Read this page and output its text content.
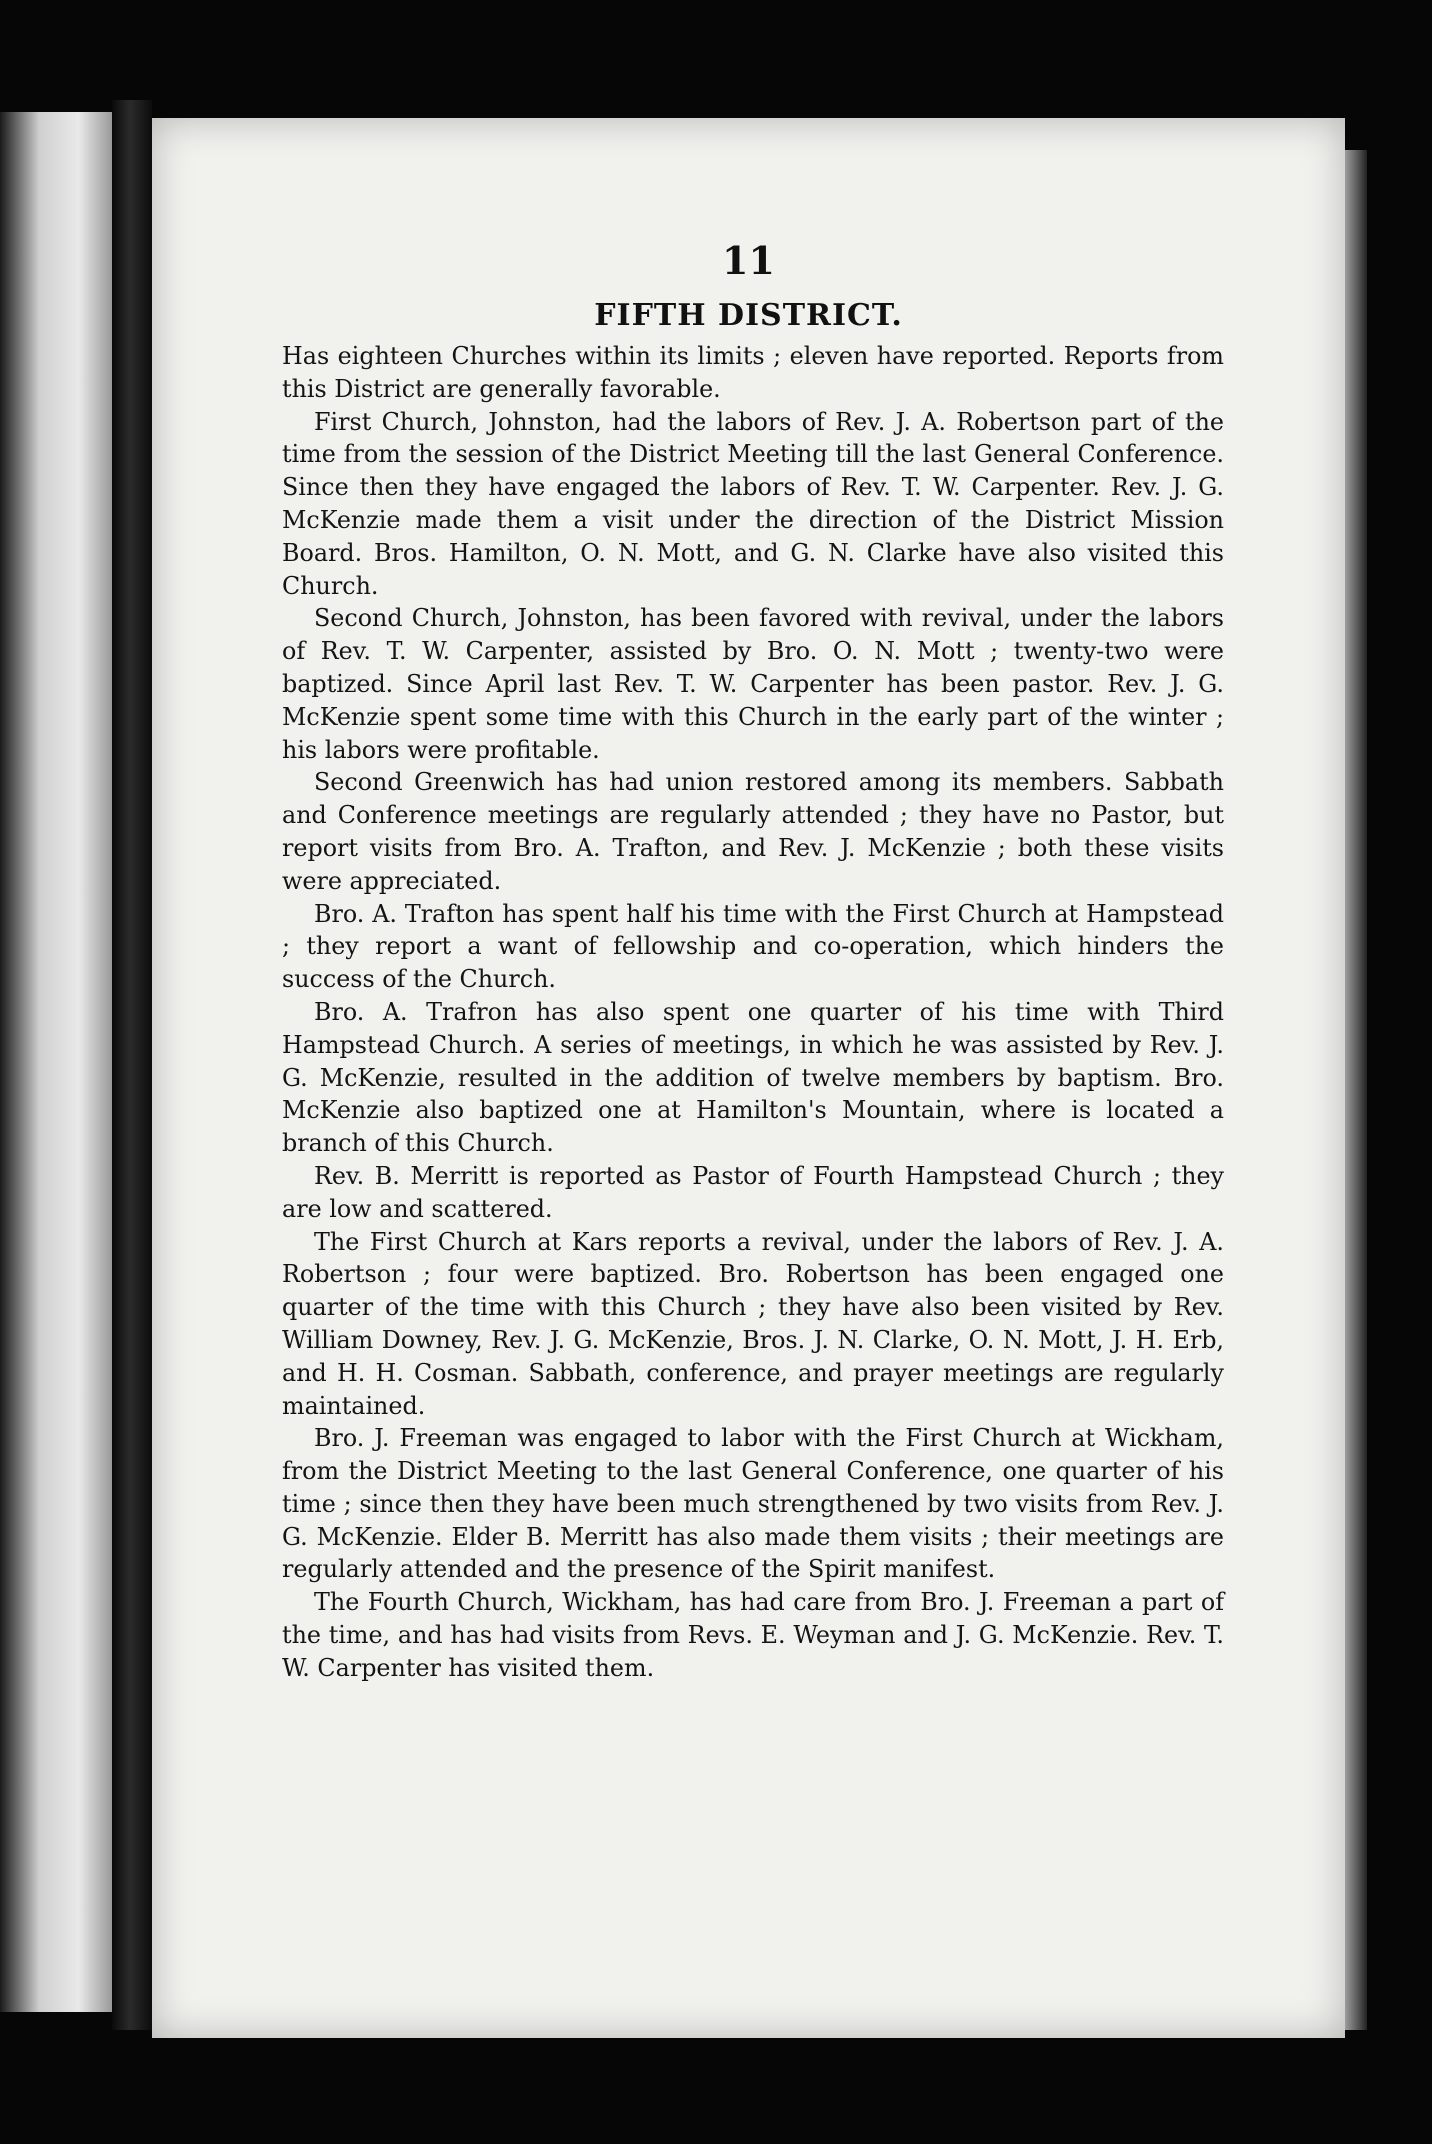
11
FIFTH DISTRICT.

Has eighteen Churches within its limits ; eleven have reported. Reports from this District are generally favorable.

First Church, Johnston, had the labors of Rev. J. A. Robertson part of the time from the session of the District Meeting till the last General Conference. Since then they have engaged the labors of Rev. T. W. Carpenter. Rev. J. G. McKenzie made them a visit under the direction of the District Mission Board. Bros. Hamilton, O. N. Mott, and G. N. Clarke have also visited this Church.

Second Church, Johnston, has been favored with revival, under the labors of Rev. T. W. Carpenter, assisted by Bro. O. N. Mott ; twenty-two were baptized. Since April last Rev. T. W. Carpenter has been pastor. Rev. J. G. McKenzie spent some time with this Church in the early part of the winter ; his labors were profitable.

Second Greenwich has had union restored among its members. Sabbath and Conference meetings are regularly attended ; they have no Pastor, but report visits from Bro. A. Trafton, and Rev. J. McKenzie ; both these visits were appreciated.

Bro. A. Trafton has spent half his time with the First Church at Hampstead ; they report a want of fellowship and co-operation, which hinders the success of the Church.

Bro. A. Trafron has also spent one quarter of his time with Third Hampstead Church. A series of meetings, in which he was assisted by Rev. J. G. McKenzie, resulted in the addition of twelve members by baptism. Bro. McKenzie also baptized one at Hamilton's Mountain, where is located a branch of this Church.

Rev. B. Merritt is reported as Pastor of Fourth Hampstead Church ; they are low and scattered.

The First Church at Kars reports a revival, under the labors of Rev. J. A. Robertson ; four were baptized. Bro. Robertson has been engaged one quarter of the time with this Church ; they have also been visited by Rev. William Downey, Rev. J. G. McKenzie, Bros. J. N. Clarke, O. N. Mott, J. H. Erb, and H. H. Cosman. Sabbath, conference, and prayer meetings are regularly maintained.

Bro. J. Freeman was engaged to labor with the First Church at Wickham, from the District Meeting to the last General Conference, one quarter of his time ; since then they have been much strengthened by two visits from Rev. J. G. McKenzie. Elder B. Merritt has also made them visits ; their meetings are regularly attended and the presence of the Spirit manifest.

The Fourth Church, Wickham, has had care from Bro. J. Freeman a part of the time, and has had visits from Revs. E. Weyman and J. G. McKenzie. Rev. T. W. Carpenter has visited them.
